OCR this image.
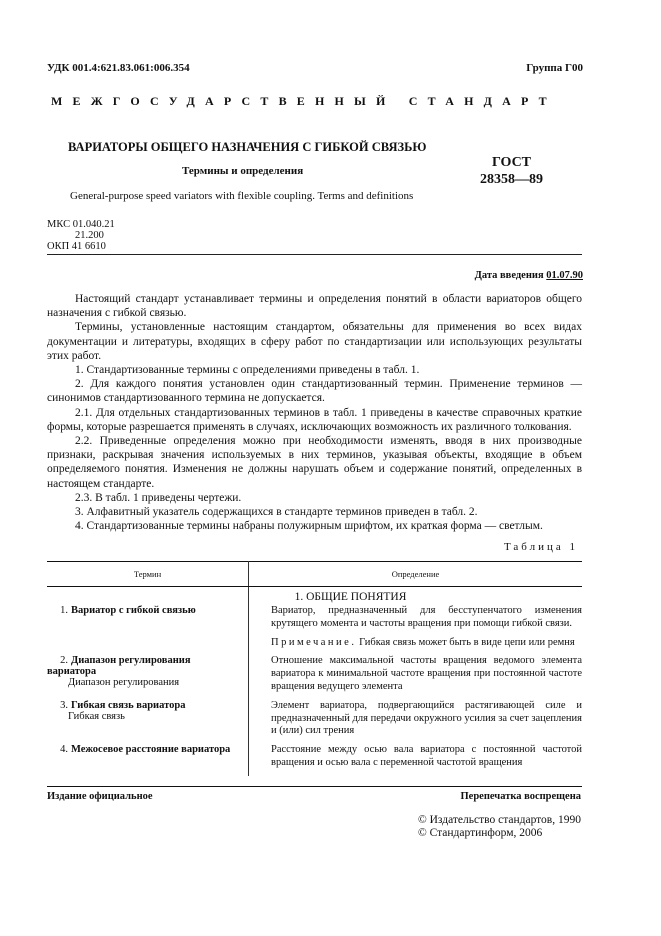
УДК 001.4:621.83.061:006.354	Группа Г00
МЕЖГОСУДАРСТВЕННЫЙ СТАНДАРТ
ВАРИАТОРЫ ОБЩЕГО НАЗНАЧЕНИЯ С ГИБКОЙ СВЯЗЬЮ
Термины и определения
ГОСТ
28358—89
General-purpose speed variators with flexible coupling. Terms and definitions
МКС 01.040.21
21.200
ОКП 41 6610
Дата введения 01.07.90

Настоящий стандарт устанавливает термины и определения понятий в области вариаторов общего назначения с гибкой связью.

Термины, установленные настоящим стандартом, обязательны для применения во всех видах документации и литературы, входящих в сферу работ по стандартизации или использующих результаты этих работ.

1. Стандартизованные термины с определениями приведены в табл. 1.

2. Для каждого понятия установлен один стандартизованный термин. Применение терминов — синонимов стандартизованного термина не допускается.

2.1. Для отдельных стандартизованных терминов в табл. 1 приведены в качестве справочных краткие формы, которые разрешается применять в случаях, исключающих возможность их различного толкования.

2.2. Приведенные определения можно при необходимости изменять, вводя в них производные признаки, раскрывая значения используемых в них терминов, указывая объекты, входящие в объем определяемого понятия. Изменения не должны нарушать объем и содержание понятий, определенных в настоящем стандарте.

2.3. В табл. 1 приведены чертежи.

3. Алфавитный указатель содержащихся в стандарте терминов приведен в табл. 2.

4. Стандартизованные термины набраны полужирным шрифтом, их краткая форма — светлым.

Таблица 1
Термин	Определение
	1. ОБЩИЕ ПОНЯТИЯ
1. Вариатор с гибкой связью	Вариатор, предназначенный для бесступенчатого изменения крутящего момента и частоты вращения при помощи гибкой связи.
Примечание. Гибкая связь может быть в виде цепи или ремня

2. Диапазон регулирования вариатора
Диапазон регулирования	Отношение максимальной частоты вращения ведомого элемента вариатора к минимальной частоте вращения при постоянной частоте вращения ведущего элемента

3. Гибкая связь вариатора
Гибкая связь	Элемент вариатора, подвергающийся растягивающей силе и предназначенный для передачи окружного усилия за счет зацепления и (или) сил трения

4. Межосевое расстояние вариатора	Расстояние между осью вала вариатора с постоянной частотой вращения и осью вала с переменной частотой вращения
Издание официальное	Перепечатка воспрещена
© Издательство стандартов, 1990
© Стандартинформ, 2006
